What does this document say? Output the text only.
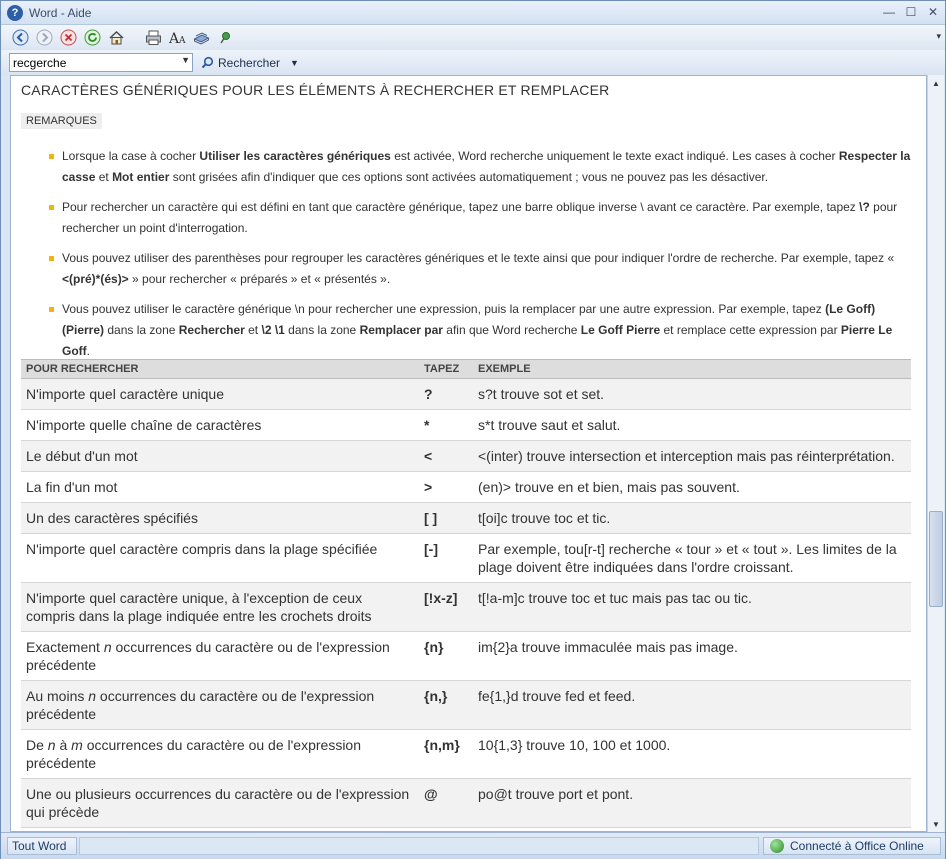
? Word - Aide	— ☐ ✕
A A	▾
recgerche	▼ Rechercher ▼
CARACTÈRES GÉNÉRIQUES POUR LES ÉLÉMENTS À RECHERCHER ET REMPLACER
REMARQUES
Lorsque la case à cocher Utiliser les caractères génériques est activée, Word recherche uniquement le texte exact indiqué. Les cases à cocher Respecter la casse et Mot entier sont grisées afin d'indiquer que ces options sont activées automatiquement ; vous ne pouvez pas les désactiver.
Pour rechercher un caractère qui est défini en tant que caractère générique, tapez une barre oblique inverse \ avant ce caractère. Par exemple, tapez \? pour rechercher un point d'interrogation.
Vous pouvez utiliser des parenthèses pour regrouper les caractères génériques et le texte ainsi que pour indiquer l'ordre de recherche. Par exemple, tapez « <(pré)*(és)> » pour rechercher « préparés » et « présentés ».
Vous pouvez utiliser le caractère générique \n pour rechercher une expression, puis la remplacer par une autre expression. Par exemple, tapez (Le Goff) (Pierre) dans la zone Rechercher et \2 \1 dans la zone Remplacer par afin que Word recherche Le Goff Pierre et remplace cette expression par Pierre Le Goff.
POUR RECHERCHER	TAPEZ	EXEMPLE
N'importe quel caractère unique	?	s?t trouve sot et set.
N'importe quelle chaîne de caractères	*	s*t trouve saut et salut.
Le début d'un mot	<	<(inter) trouve intersection et interception mais pas réinterprétation.
La fin d'un mot	>	(en)> trouve en et bien, mais pas souvent.
Un des caractères spécifiés	[ ]	t[oi]c trouve toc et tic.
N'importe quel caractère compris dans la plage spécifiée	[-]	Par exemple, tou[r-t] recherche « tour » et « tout ». Les limites de la plage doivent être indiquées dans l'ordre croissant.
N'importe quel caractère unique, à l'exception de ceux compris dans la plage indiquée entre les crochets droits	[!x-z]	t[!a-m]c trouve toc et tuc mais pas tac ou tic.
Exactement n occurrences du caractère ou de l'expression précédente	{n}	im{2}a trouve immaculée mais pas image.
Au moins n occurrences du caractère ou de l'expression précédente	{n,}	fe{1,}d trouve fed et feed.
De n à m occurrences du caractère ou de l'expression précédente	{n,m}	10{1,3} trouve 10, 100 et 1000.
Une ou plusieurs occurrences du caractère ou de l'expression qui précède	@	po@t trouve port et pont.
▲
▼
Tout Word	Connecté à Office Online
